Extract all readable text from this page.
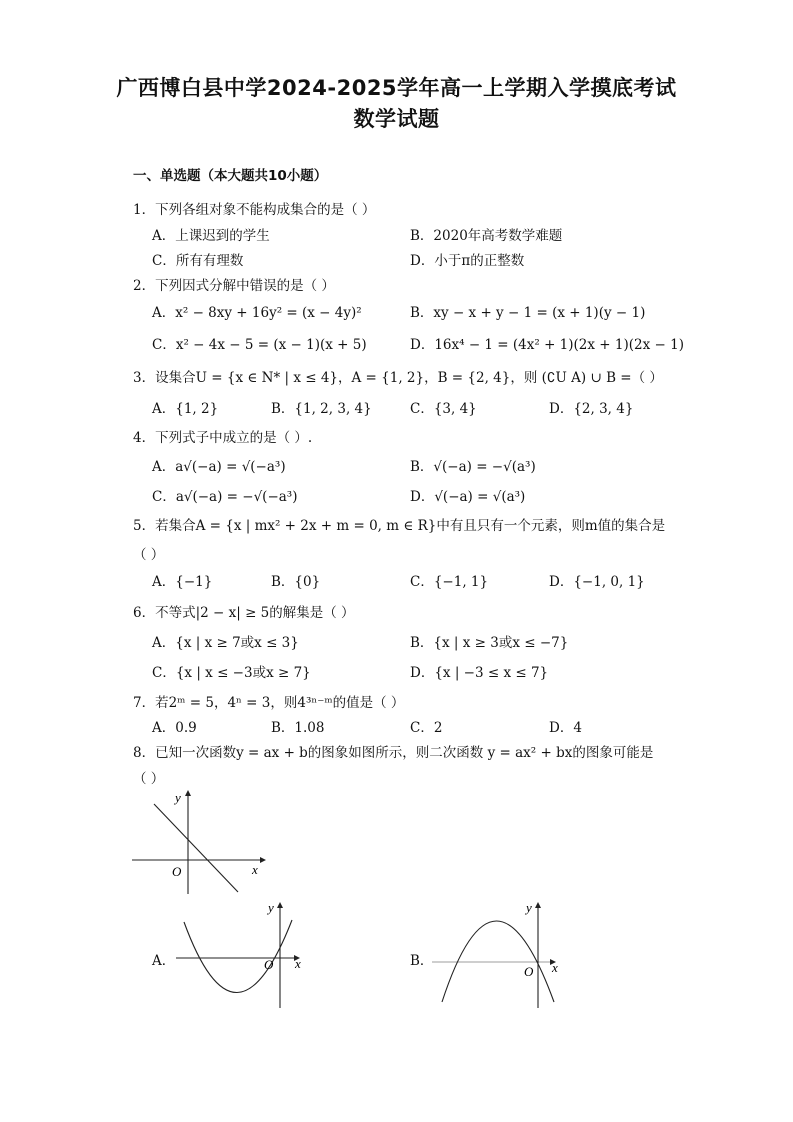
广西博白县中学2024-2025学年高一上学期入学摸底考试
数学试题
一、单选题（本大题共10小题）
1．下列各组对象不能构成集合的是（ ）
A．上课迟到的学生	B．2020年高考数学难题
C．所有有理数	D．小于π的正整数
2．下列因式分解中错误的是（ ）
A．x² − 8xy + 16y² = (x − 4y)²	B．xy − x + y − 1 = (x + 1)(y − 1)
C．x² − 4x − 5 = (x − 1)(x + 5)	D．16x⁴ − 1 = (4x² + 1)(2x + 1)(2x − 1)
3．设集合U = {x ∈ N* | x ≤ 4}，A = {1, 2}，B = {2, 4}，则 (∁U A) ∪ B =（ ）
A．{1, 2}	B．{1, 2, 3, 4}	C．{3, 4}	D．{2, 3, 4}
4．下列式子中成立的是（ ）.
A．a√(−a) = √(−a³)	B．√(−a) = −√(a³)
C．a√(−a) = −√(−a³)	D．√(−a) = √(a³)
5．若集合A = {x | mx² + 2x + m = 0, m ∈ R}中有且只有一个元素，则m值的集合是
（ ）
A．{−1}	B．{0}	C．{−1, 1}	D．{−1, 0, 1}
6．不等式|2 − x| ≥ 5的解集是（ ）
A．{x | x ≥ 7或x ≤ 3}	B．{x | x ≥ 3或x ≤ −7}
C．{x | x ≤ −3或x ≥ 7}	D．{x | −3 ≤ x ≤ 7}
7．若2ᵐ = 5，4ⁿ = 3，则4³ⁿ⁻ᵐ的值是（ ）
A．0.9	B．1.08	C．2	D．4
8．已知一次函数y = ax + b的图象如图所示，则二次函数 y = ax² + bx的图象可能是
（ ）
y
x
O
A．
y
x
O	B．
y
x
O
